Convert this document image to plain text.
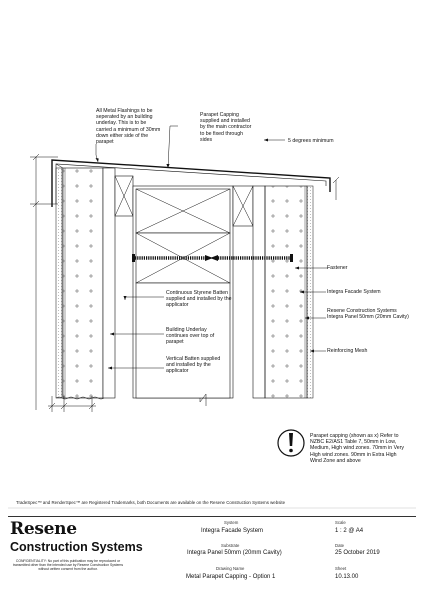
All Metal Flashings to be seperated by an building underlay. This is to be carried a minimum of 30mm down either side of the parapet
Parapet Capping supplied and installed by the main contractor to be fixed through sides	5 degrees minimum
Fastener
Integra Facade System
Resene Construction Systems Integra Panel 50mm (20mm Cavity)
Reinforcing Mesh
Continuous Styrene Batten supplied and installed by the applicator
Building Underlay continues over top of parapet
Vertical Batten supplied and installed by the applicator
Parapet capping (shown as x) Refer to NZBC E2/AS1 Table 7, 50mm in Low, Medium, High wind zones. 70mm in Very High wind zones. 90mm in Extra High Wind Zone and above
TradeSpec™ and RenderSpec™ are Registered Trademarks, both Documents are available on the Resene Construction Systems website
Resene
Construction Systems
CONFIDENTIALITY: No part of this publication may be reproduced or transmitted other than the intended use by Resene Construction Systems without written consent from the author.
System
Integra Facade System
Substrate
Integra Panel 50mm (20mm Cavity)
Drawing Name
Metal Parapet Capping - Option 1
Scale
1 : 2 @ A4
Date
25 October 2019
Sheet
10.13.00
